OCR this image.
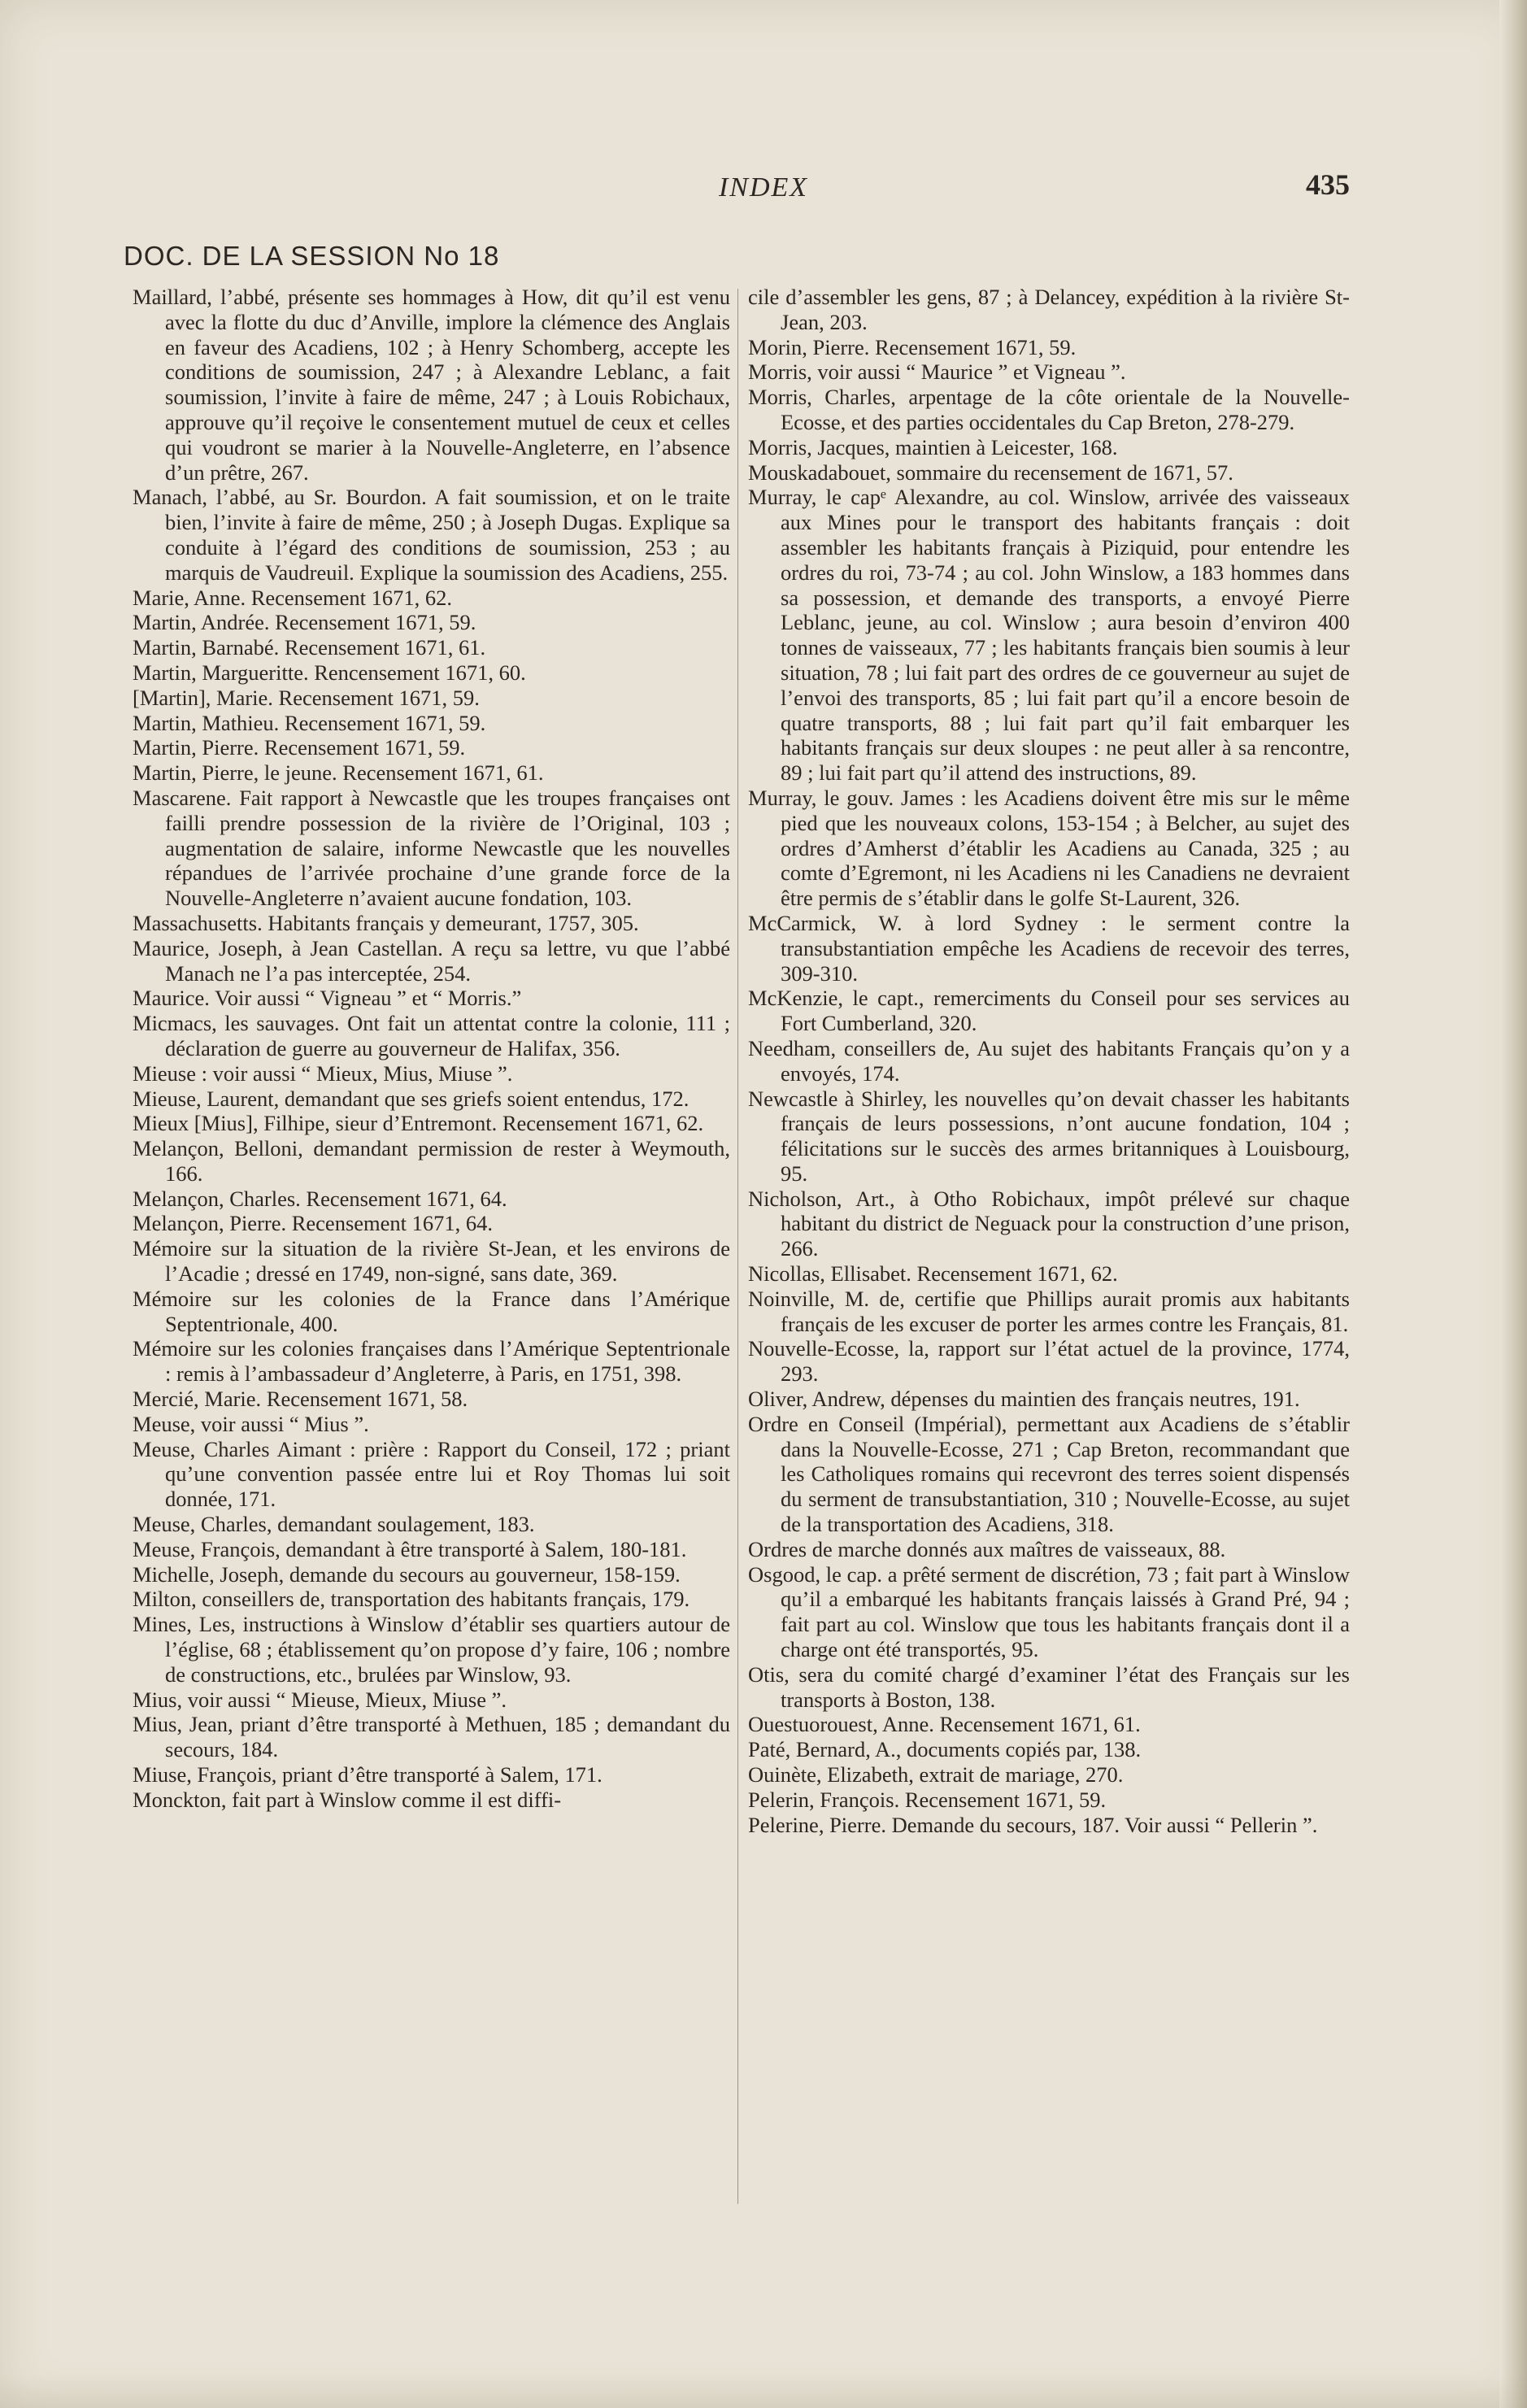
INDEX	435
DOC. DE LA SESSION No 18

Maillard, l’abbé, présente ses hommages à How, dit qu’il est venu avec la flotte du duc d’Anville, implore la clémence des Anglais en faveur des Acadiens, 102 ; à Henry Schomberg, accepte les conditions de soumission, 247 ; à Alexandre Leblanc, a fait soumission, l’invite à faire de même, 247 ; à Louis Robichaux, approuve qu’il reçoive le consentement mutuel de ceux et celles qui voudront se marier à la Nouvelle-Angleterre, en l’absence d’un prêtre, 267.

Manach, l’abbé, au Sr. Bourdon. A fait soumission, et on le traite bien, l’invite à faire de même, 250 ; à Joseph Dugas. Explique sa conduite à l’égard des conditions de soumission, 253 ; au marquis de Vaudreuil. Explique la soumission des Acadiens, 255.

Marie, Anne. Recensement 1671, 62.

Martin, Andrée. Recensement 1671, 59.

Martin, Barnabé. Recensement 1671, 61.

Martin, Margueritte. Rencensement 1671, 60.

[Martin], Marie. Recensement 1671, 59.

Martin, Mathieu. Recensement 1671, 59.

Martin, Pierre. Recensement 1671, 59.

Martin, Pierre, le jeune. Recensement 1671, 61.

Mascarene. Fait rapport à Newcastle que les troupes françaises ont failli prendre possession de la rivière de l’Original, 103 ; augmentation de salaire, informe Newcastle que les nouvelles répandues de l’arrivée prochaine d’une grande force de la Nouvelle-Angleterre n’avaient aucune fondation, 103.

Massachusetts. Habitants français y demeurant, 1757, 305.

Maurice, Joseph, à Jean Castellan. A reçu sa lettre, vu que l’abbé Manach ne l’a pas interceptée, 254.

Maurice. Voir aussi “ Vigneau ” et “ Morris.”

Micmacs, les sauvages. Ont fait un attentat contre la colonie, 111 ; déclaration de guerre au gouverneur de Halifax, 356.

Mieuse : voir aussi “ Mieux, Mius, Miuse ”.

Mieuse, Laurent, demandant que ses griefs soient entendus, 172.

Mieux [Mius], Filhipe, sieur d’Entremont. Recensement 1671, 62.

Melançon, Belloni, demandant permission de rester à Weymouth, 166.

Melançon, Charles. Recensement 1671, 64.

Melançon, Pierre. Recensement 1671, 64.

Mémoire sur la situation de la rivière St-Jean, et les environs de l’Acadie ; dressé en 1749, non-signé, sans date, 369.

Mémoire sur les colonies de la France dans l’Amérique Septentrionale, 400.

Mémoire sur les colonies françaises dans l’Amérique Septentrionale : remis à l’ambassadeur d’Angleterre, à Paris, en 1751, 398.

Mercié, Marie. Recensement 1671, 58.

Meuse, voir aussi “ Mius ”.

Meuse, Charles Aimant : prière : Rapport du Conseil, 172 ; priant qu’une convention passée entre lui et Roy Thomas lui soit donnée, 171.

Meuse, Charles, demandant soulagement, 183.

Meuse, François, demandant à être transporté à Salem, 180-181.

Michelle, Joseph, demande du secours au gouverneur, 158-159.

Milton, conseillers de, transportation des habitants français, 179.

Mines, Les, instructions à Winslow d’établir ses quartiers autour de l’église, 68 ; établissement qu’on propose d’y faire, 106 ; nombre de constructions, etc., brulées par Winslow, 93.

Mius, voir aussi “ Mieuse, Mieux, Miuse ”.

Mius, Jean, priant d’être transporté à Methuen, 185 ; demandant du secours, 184.

Miuse, François, priant d’être transporté à Salem, 171.

Monckton, fait part à Winslow comme il est diffi-

cile d’assembler les gens, 87 ; à Delancey, expédition à la rivière St-Jean, 203.

Morin, Pierre. Recensement 1671, 59.

Morris, voir aussi “ Maurice ” et Vigneau ”.

Morris, Charles, arpentage de la côte orientale de la Nouvelle-Ecosse, et des parties occidentales du Cap Breton, 278-279.

Morris, Jacques, maintien à Leicester, 168.

Mouskadabouet, sommaire du recensement de 1671, 57.

Murray, le capᵉ Alexandre, au col. Winslow, arrivée des vaisseaux aux Mines pour le transport des habitants français : doit assembler les habitants français à Piziquid, pour entendre les ordres du roi, 73-74 ; au col. John Winslow, a 183 hommes dans sa possession, et demande des transports, a envoyé Pierre Leblanc, jeune, au col. Winslow ; aura besoin d’environ 400 tonnes de vaisseaux, 77 ; les habitants français bien soumis à leur situation, 78 ; lui fait part des ordres de ce gouverneur au sujet de l’envoi des transports, 85 ; lui fait part qu’il a encore besoin de quatre transports, 88 ; lui fait part qu’il fait embarquer les habitants français sur deux sloupes : ne peut aller à sa rencontre, 89 ; lui fait part qu’il attend des instructions, 89.

Murray, le gouv. James : les Acadiens doivent être mis sur le même pied que les nouveaux colons, 153-154 ; à Belcher, au sujet des ordres d’Amherst d’établir les Acadiens au Canada, 325 ; au comte d’Egremont, ni les Acadiens ni les Canadiens ne devraient être permis de s’établir dans le golfe St-Laurent, 326.

McCarmick, W. à lord Sydney : le serment contre la transubstantiation empêche les Acadiens de recevoir des terres, 309-310.

McKenzie, le capt., remerciments du Conseil pour ses services au Fort Cumberland, 320.

Needham, conseillers de, Au sujet des habitants Français qu’on y a envoyés, 174.

Newcastle à Shirley, les nouvelles qu’on devait chasser les habitants français de leurs possessions, n’ont aucune fondation, 104 ; félicitations sur le succès des armes britanniques à Louisbourg, 95.

Nicholson, Art., à Otho Robichaux, impôt prélevé sur chaque habitant du district de Neguack pour la construction d’une prison, 266.

Nicollas, Ellisabet. Recensement 1671, 62.

Noinville, M. de, certifie que Phillips aurait promis aux habitants français de les excuser de porter les armes contre les Français, 81.

Nouvelle-Ecosse, la, rapport sur l’état actuel de la province, 1774, 293.

Oliver, Andrew, dépenses du maintien des français neutres, 191.

Ordre en Conseil (Impérial), permettant aux Acadiens de s’établir dans la Nouvelle-Ecosse, 271 ; Cap Breton, recommandant que les Catholiques romains qui recevront des terres soient dispensés du serment de transubstantiation, 310 ; Nouvelle-Ecosse, au sujet de la transportation des Acadiens, 318.

Ordres de marche donnés aux maîtres de vaisseaux, 88.

Osgood, le cap. a prêté serment de discrétion, 73 ; fait part à Winslow qu’il a embarqué les habitants français laissés à Grand Pré, 94 ; fait part au col. Winslow que tous les habitants français dont il a charge ont été transportés, 95.

Otis, sera du comité chargé d’examiner l’état des Français sur les transports à Boston, 138.

Ouestuorouest, Anne. Recensement 1671, 61.

Paté, Bernard, A., documents copiés par, 138.

Ouinète, Elizabeth, extrait de mariage, 270.

Pelerin, François. Recensement 1671, 59.

Pelerine, Pierre. Demande du secours, 187. Voir aussi “ Pellerin ”.
